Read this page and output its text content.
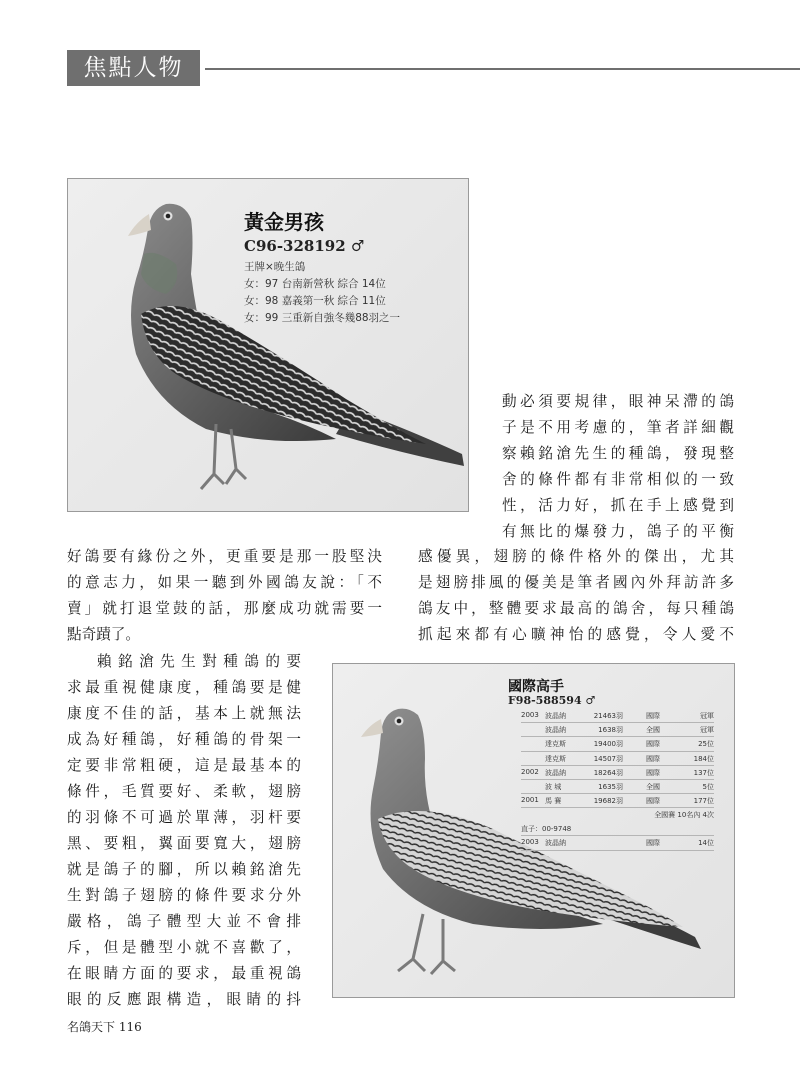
焦點人物
黃金男孩
C96-328192 ♂
王牌×晚生鴿
女：97 台南新營秋 綜合 14位
女：98 嘉義第一秋 綜合 11位
女：99 三重新自強冬幾88羽之一
國際高手
F98-588594 ♂
2003 波晶納	21463羽	國際	冠軍
波晶納	1638羽	全國	冠軍
達克斯	19400羽	國際	25位
達克斯	14507羽	國際	184位
2002 波晶納	18264羽	國際	137位
波 城	1635羽	全國	5位
2001 馬 賽	19682羽	國際	177位
全國賽 10名內 4次
直子：00-9748
2003 波晶納	國際	14位
動必須要規律，眼神呆滯的鴿
子是不用考慮的，筆者詳細觀
察賴銘滄先生的種鴿，發現整
舍的條件都有非常相似的一致
性，活力好，抓在手上感覺到
有無比的爆發力，鴿子的平衡
感優異，翅膀的條件格外的傑出，尤其
是翅膀排風的優美是筆者國內外拜訪許多
鴿友中，整體要求最高的鴿舍，每只種鴿
抓起來都有心曠神怡的感覺，令人愛不
好鴿要有緣份之外，更重要是那一股堅決
的意志力，如果一聽到外國鴿友說：「不
賣」就打退堂鼓的話，那麼成功就需要一
點奇蹟了。
賴銘滄先生對種鴿的要
求最重視健康度，種鴿要是健
康度不佳的話，基本上就無法
成為好種鴿，好種鴿的骨架一
定要非常粗硬，這是最基本的
條件，毛質要好、柔軟，翅膀
的羽條不可過於單薄，羽杆要
黑、要粗，翼面要寬大，翅膀
就是鴿子的腳，所以賴銘滄先
生對鴿子翅膀的條件要求分外
嚴格，鴿子體型大並不會排
斥，但是體型小就不喜歡了，
在眼睛方面的要求，最重視鴿
眼的反應跟構造，眼睛的抖
名鴿天下 116
